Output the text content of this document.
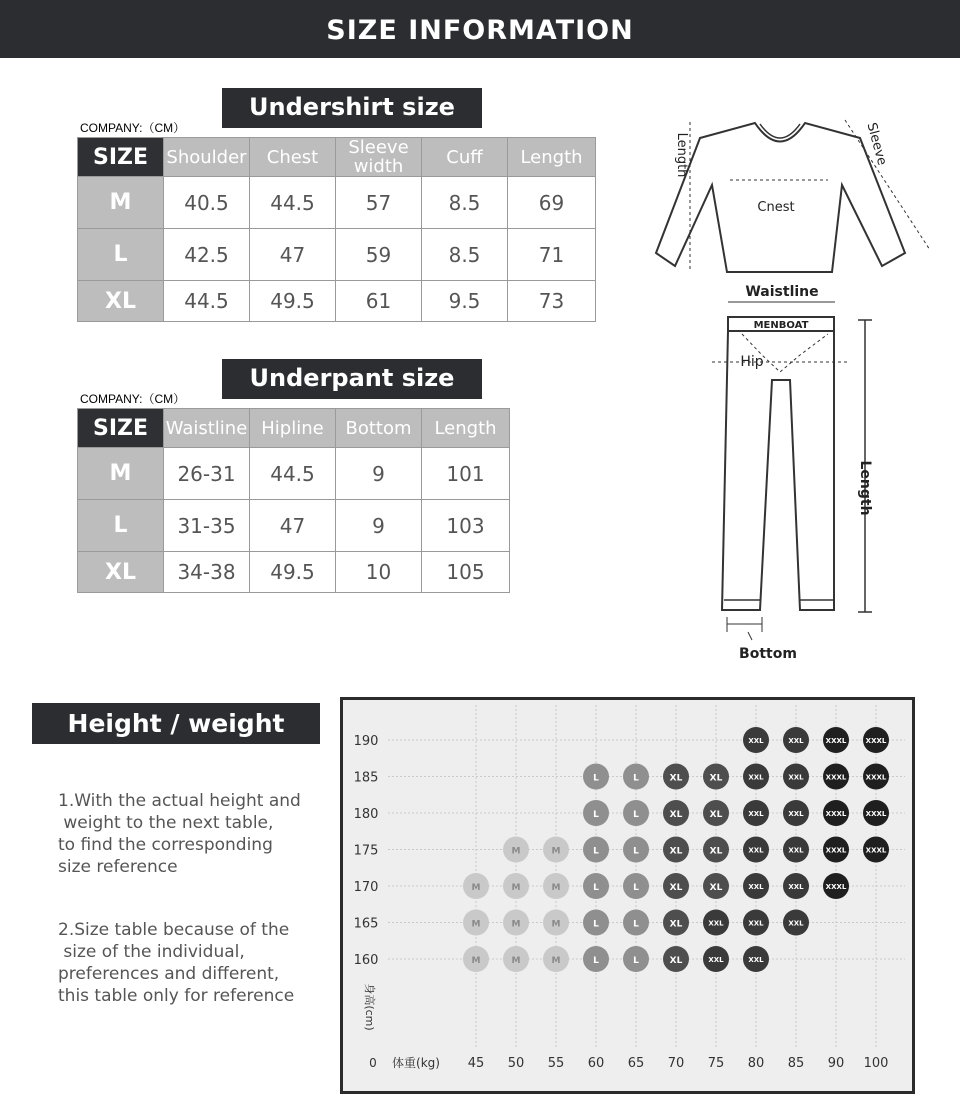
SIZE INFORMATION
Undershirt size
COMPANY:（CM）
SIZE	Shoulder	Chest	Sleeve width	Cuff	Length
M	40.5	44.5	57	8.5	69
L	42.5	47	59	8.5	71
XL	44.5	49.5	61	9.5	73
Underpant size
COMPANY:（CM）
SIZE	Waistline	Hipline	Bottom	Length
M	26-31	44.5	9	101
L	31-35	47	9	103
XL	34-38	49.5	10	105
Length	Sleeve
Cnest
Waistline
MENBOAT
Hip
Length
Bottom
Height / weight table
1.With the actual height and
weight to the next table,
to find the corresponding
size reference
2.Size table because of the
size of the individual,
preferences and different,
this table only for reference
45 50 55 60 65 70 75 80 85 90 100
190
185
180
175
170
165
160
XXL	XXL	XXXL	XXXL
L	L	XL	XL	XXL	XXL	XXXL	XXXL
L	L	XL	XL	XXL	XXL	XXXL	XXXL
M	M	L	L	XL	XL	XXL	XXL	XXXL	XXXL
M	M	M	L	L	XL	XL	XXL	XXL	XXXL
M	M	M	L	L	XL	XXL	XXL	XXL
M	M	M	L	L	XL	XXL	XXL
身高(cm)
体重(kg)
0
